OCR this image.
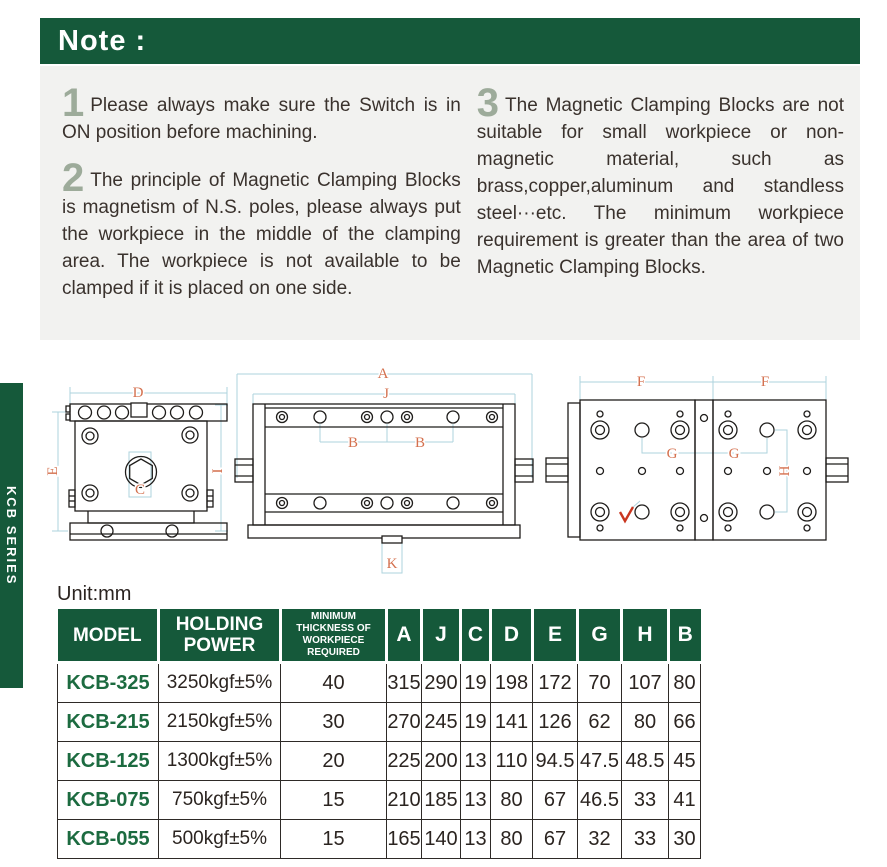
Note :

1 Please always make sure the Switch is in ON position before machining.

2 The principle of Magnetic Clamping Blocks is magnetism of N.S. poles, please always put the workpiece in the middle of the clamping area. The workpiece is not available to be clamped if it is placed on one side.

3 The Magnetic Clamping Blocks are not suitable for small workpiece or non-magnetic material, such as brass,copper,aluminum and standless steel···etc. The minimum workpiece requirement is greater than the area of two Magnetic Clamping Blocks.

KCB SERIES
D
E	I
C
A
J
B	B
K
F	F
G	G
H
Unit:mm
MODEL	HOLDING POWER	MINIMUM THICKNESS OF WORKPIECE REQUIRED	A	J	C	D	E	G	H	B
KCB-325	3250kgf±5%	40	315	290	19	198	172	70	107	80
KCB-215	2150kgf±5%	30	270	245	19	141	126	62	80	66
KCB-125	1300kgf±5%	20	225	200	13	110	94.5	47.5	48.5	45
KCB-075	750kgf±5%	15	210	185	13	80	67	46.5	33	41
KCB-055	500kgf±5%	15	165	140	13	80	67	32	33	30
